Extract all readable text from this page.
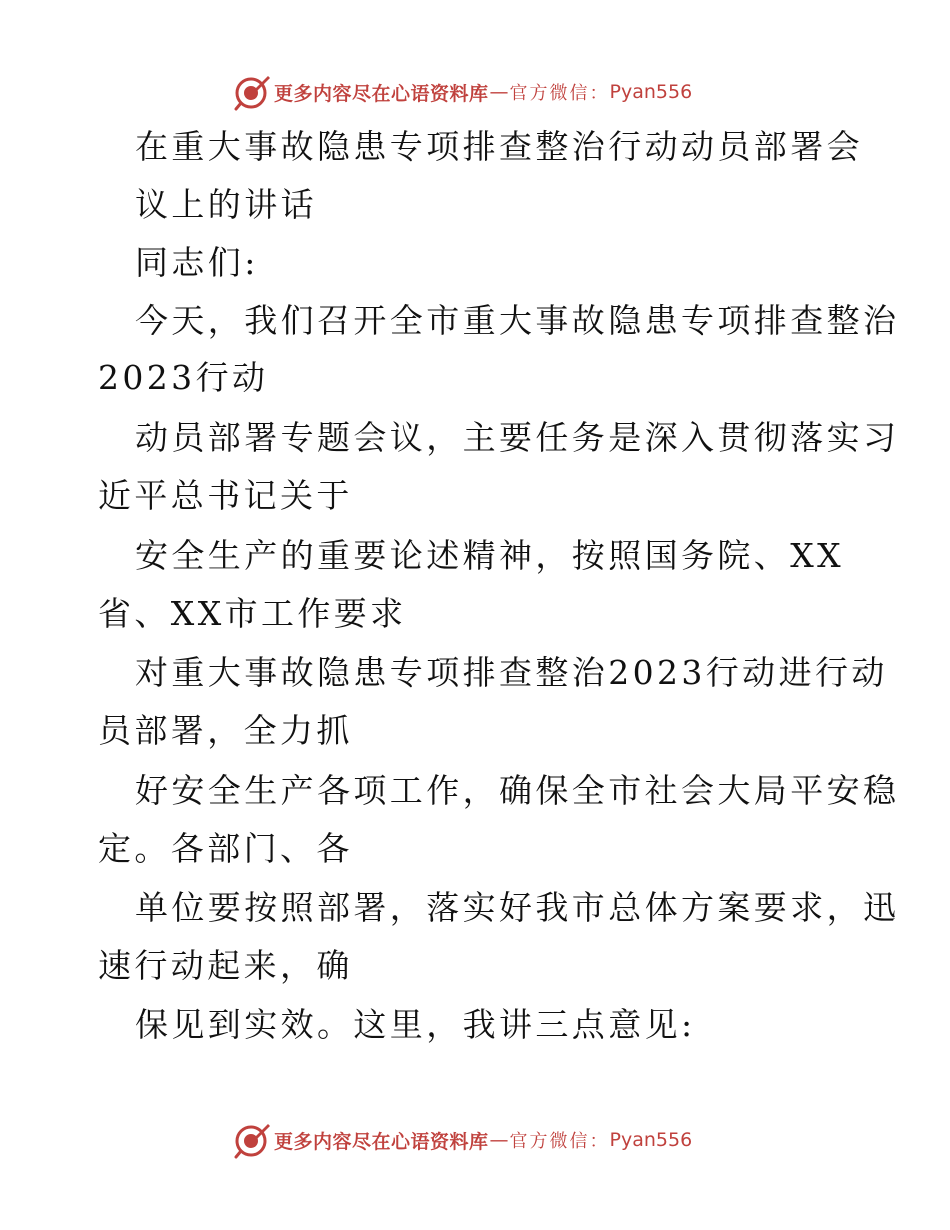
更多内容尽在心语资料库 — 官方微信： Pyan556
在重大事故隐患专项排查整治行动动员部署会
议上的讲话
同志们:
今天，我们召开全市重大事故隐患专项排查整治
2023行动
动员部署专题会议，主要任务是深入贯彻落实习
近平总书记关于
安全生产的重要论述精神，按照国务院、XX
省、XX市工作要求
对重大事故隐患专项排查整治2023行动进行动
员部署，全力抓
好安全生产各项工作，确保全市社会大局平安稳
定。各部门、各
单位要按照部署，落实好我市总体方案要求，迅
速行动起来，确
保见到实效。这里，我讲三点意见:
更多内容尽在心语资料库 — 官方微信： Pyan556
